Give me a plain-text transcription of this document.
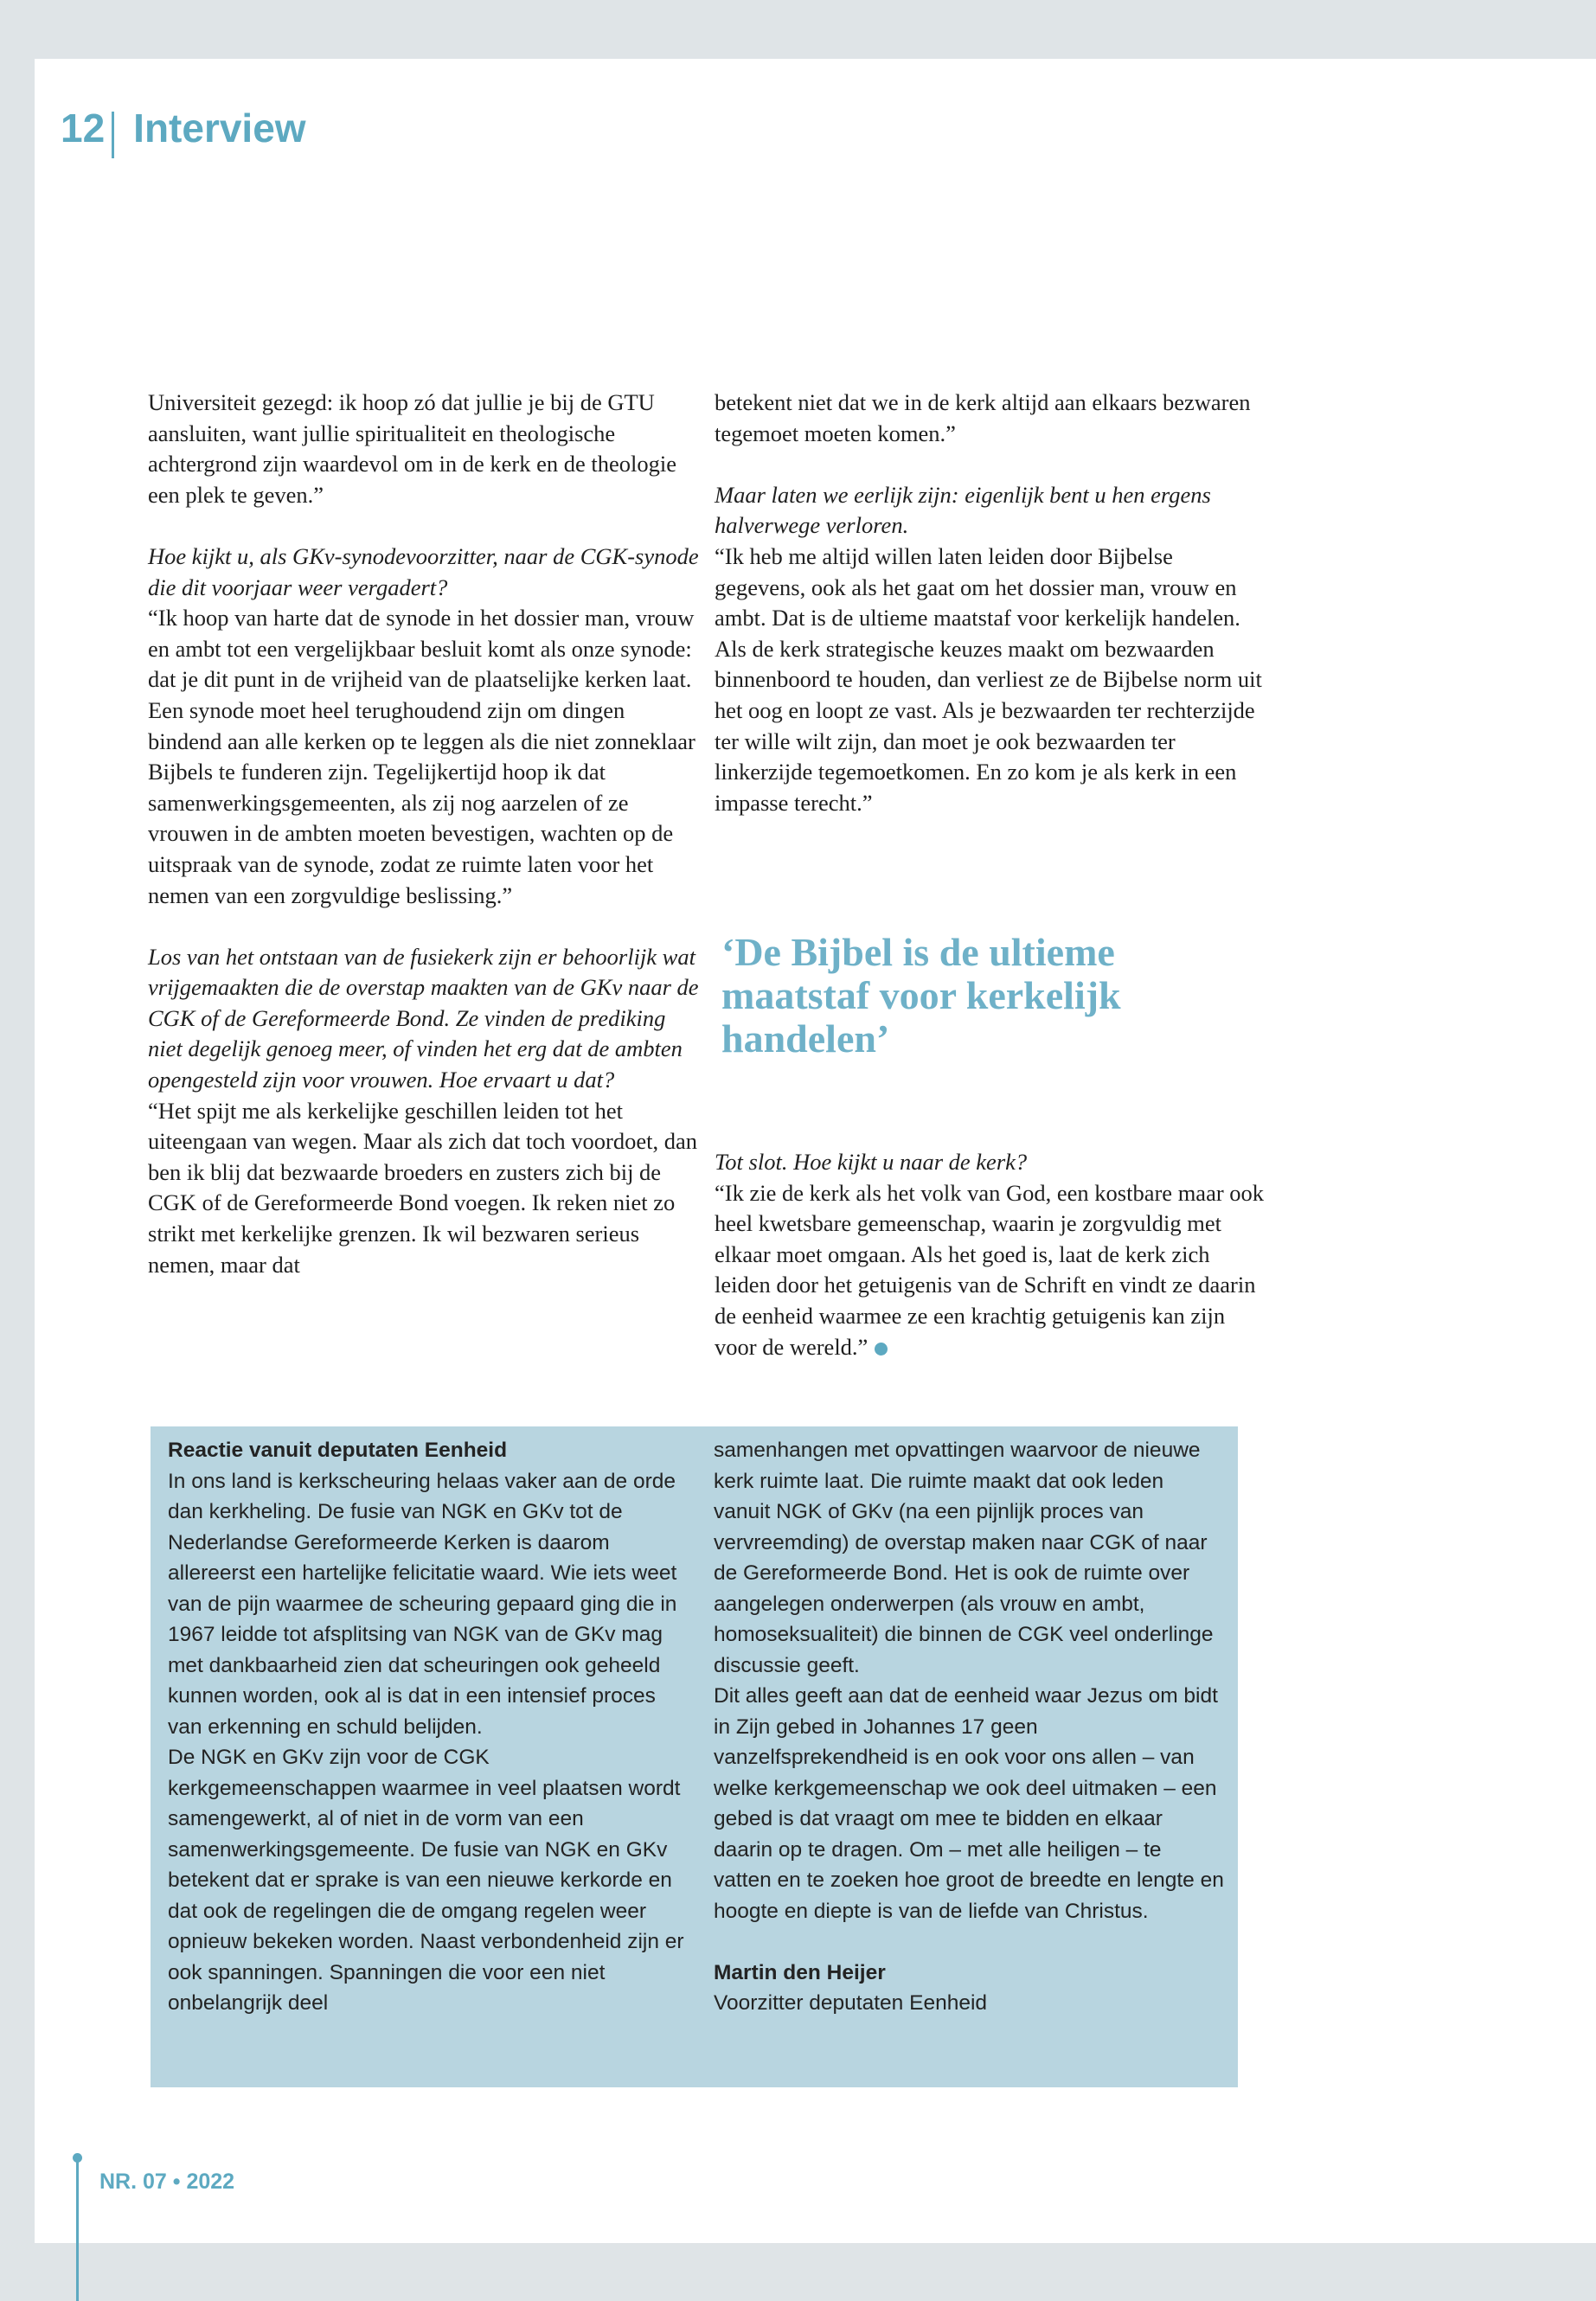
12 Interview

Universiteit gezegd: ik hoop zó dat jullie je bij de GTU aansluiten, want jullie spiritualiteit en theologische achtergrond zijn waardevol om in de kerk en de theologie een plek te geven.”

Hoe kijkt u, als GKv-synodevoorzitter, naar de CGK-synode die dit voorjaar weer vergadert?

“Ik hoop van harte dat de synode in het dossier man, vrouw en ambt tot een vergelijkbaar besluit komt als onze synode: dat je dit punt in de vrijheid van de plaatselijke kerken laat. Een synode moet heel terughoudend zijn om dingen bindend aan alle kerken op te leggen als die niet zonneklaar Bijbels te funderen zijn. Tegelijkertijd hoop ik dat samenwerkingsgemeenten, als zij nog aarzelen of ze vrouwen in de ambten moeten bevestigen, wachten op de uitspraak van de synode, zodat ze ruimte laten voor het nemen van een zorgvuldige beslissing.”

Los van het ontstaan van de fusiekerk zijn er behoorlijk wat vrijgemaakten die de overstap maakten van de GKv naar de CGK of de Gereformeerde Bond. Ze vinden de prediking niet degelijk genoeg meer, of vinden het erg dat de ambten opengesteld zijn voor vrouwen. Hoe ervaart u dat?

“Het spijt me als kerkelijke geschillen leiden tot het uiteengaan van wegen. Maar als zich dat toch voordoet, dan ben ik blij dat bezwaarde broeders en zusters zich bij de CGK of de Gereformeerde Bond voegen. Ik reken niet zo strikt met kerkelijke grenzen. Ik wil bezwaren serieus nemen, maar dat

betekent niet dat we in de kerk altijd aan elkaars bezwaren tegemoet moeten komen.”

Maar laten we eerlijk zijn: eigenlijk bent u hen ergens halverwege verloren.

“Ik heb me altijd willen laten leiden door Bijbelse gegevens, ook als het gaat om het dossier man, vrouw en ambt. Dat is de ultieme maatstaf voor kerkelijk handelen. Als de kerk strategische keuzes maakt om bezwaarden binnenboord te houden, dan verliest ze de Bijbelse norm uit het oog en loopt ze vast. Als je bezwaarden ter rechterzijde ter wille wilt zijn, dan moet je ook bezwaarden ter linkerzijde tegemoetkomen. En zo kom je als kerk in een impasse terecht.”

‘De Bijbel is de ultieme maatstaf voor kerkelijk handelen’

Tot slot. Hoe kijkt u naar de kerk?

“Ik zie de kerk als het volk van God, een kostbare maar ook heel kwetsbare gemeenschap, waarin je zorgvuldig met elkaar moet omgaan. Als het goed is, laat de kerk zich leiden door het getuigenis van de Schrift en vindt ze daarin de eenheid waarmee ze een krachtig getuigenis kan zijn voor de wereld.”

Reactie vanuit deputaten Eenheid

In ons land is kerkscheuring helaas vaker aan de orde dan kerkheling. De fusie van NGK en GKv tot de Nederlandse Gereformeerde Kerken is daarom allereerst een hartelijke felicitatie waard. Wie iets weet van de pijn waarmee de scheuring gepaard ging die in 1967 leidde tot afsplitsing van NGK van de GKv mag met dankbaarheid zien dat scheuringen ook geheeld kunnen worden, ook al is dat in een intensief proces van erkenning en schuld belijden.

De NGK en GKv zijn voor de CGK kerkgemeenschappen waarmee in veel plaatsen wordt samengewerkt, al of niet in de vorm van een samenwerkingsgemeente. De fusie van NGK en GKv betekent dat er sprake is van een nieuwe kerkorde en dat ook de regelingen die de omgang regelen weer opnieuw bekeken worden. Naast verbondenheid zijn er ook spanningen. Spanningen die voor een niet onbelangrijk deel

samenhangen met opvattingen waarvoor de nieuwe kerk ruimte laat. Die ruimte maakt dat ook leden vanuit NGK of GKv (na een pijnlijk proces van vervreemding) de overstap maken naar CGK of naar de Gereformeerde Bond. Het is ook de ruimte over aangelegen onderwerpen (als vrouw en ambt, homoseksualiteit) die binnen de CGK veel onderlinge discussie geeft.

Dit alles geeft aan dat de eenheid waar Jezus om bidt in Zijn gebed in Johannes 17 geen vanzelfsprekendheid is en ook voor ons allen – van welke kerkgemeenschap we ook deel uitmaken – een gebed is dat vraagt om mee te bidden en elkaar daarin op te dragen. Om – met alle heiligen – te vatten en te zoeken hoe groot de breedte en lengte en hoogte en diepte is van de liefde van Christus.

Martin den Heijer

Voorzitter deputaten Eenheid

NR. 07 • 2022
